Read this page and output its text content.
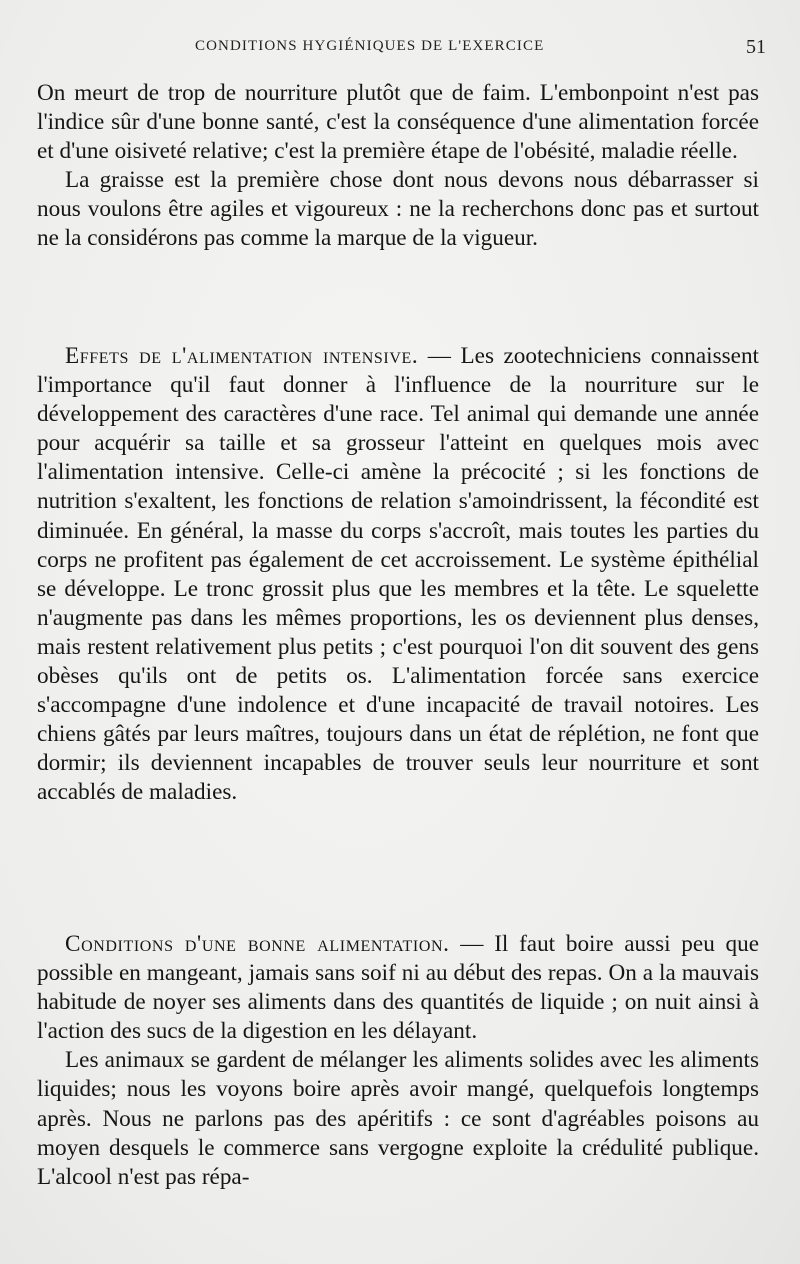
CONDITIONS HYGIÉNIQUES DE L'EXERCICE	51

On meurt de trop de nourriture plutôt que de faim. L'embonpoint n'est pas l'indice sûr d'une bonne santé, c'est la conséquence d'une alimentation forcée et d'une oisiveté relative; c'est la première étape de l'obésité, maladie réelle.

La graisse est la première chose dont nous devons nous débarrasser si nous voulons être agiles et vigoureux : ne la recherchons donc pas et surtout ne la considérons pas comme la marque de la vigueur.

Effets de l'alimentation intensive. — Les zootechniciens connaissent l'importance qu'il faut donner à l'influence de la nourriture sur le développement des caractères d'une race. Tel animal qui demande une année pour acquérir sa taille et sa grosseur l'atteint en quelques mois avec l'alimentation intensive. Celle-ci amène la précocité ; si les fonctions de nutrition s'exaltent, les fonctions de relation s'amoindrissent, la fécondité est diminuée. En général, la masse du corps s'accroît, mais toutes les parties du corps ne profitent pas également de cet accroissement. Le système épithélial se développe. Le tronc grossit plus que les membres et la tête. Le squelette n'augmente pas dans les mêmes proportions, les os deviennent plus denses, mais restent relativement plus petits ; c'est pourquoi l'on dit souvent des gens obèses qu'ils ont de petits os. L'alimentation forcée sans exercice s'accompagne d'une indolence et d'une incapacité de travail notoires. Les chiens gâtés par leurs maîtres, toujours dans un état de réplétion, ne font que dormir; ils deviennent incapables de trouver seuls leur nourriture et sont accablés de maladies.

Conditions d'une bonne alimentation. — Il faut boire aussi peu que possible en mangeant, jamais sans soif ni au début des repas. On a la mauvais habitude de noyer ses aliments dans des quantités de liquide ; on nuit ainsi à l'action des sucs de la digestion en les délayant.

Les animaux se gardent de mélanger les aliments solides avec les aliments liquides; nous les voyons boire après avoir mangé, quelquefois longtemps après. Nous ne parlons pas des apéritifs : ce sont d'agréables poisons au moyen desquels le commerce sans vergogne exploite la crédulité publique. L'alcool n'est pas répa-
